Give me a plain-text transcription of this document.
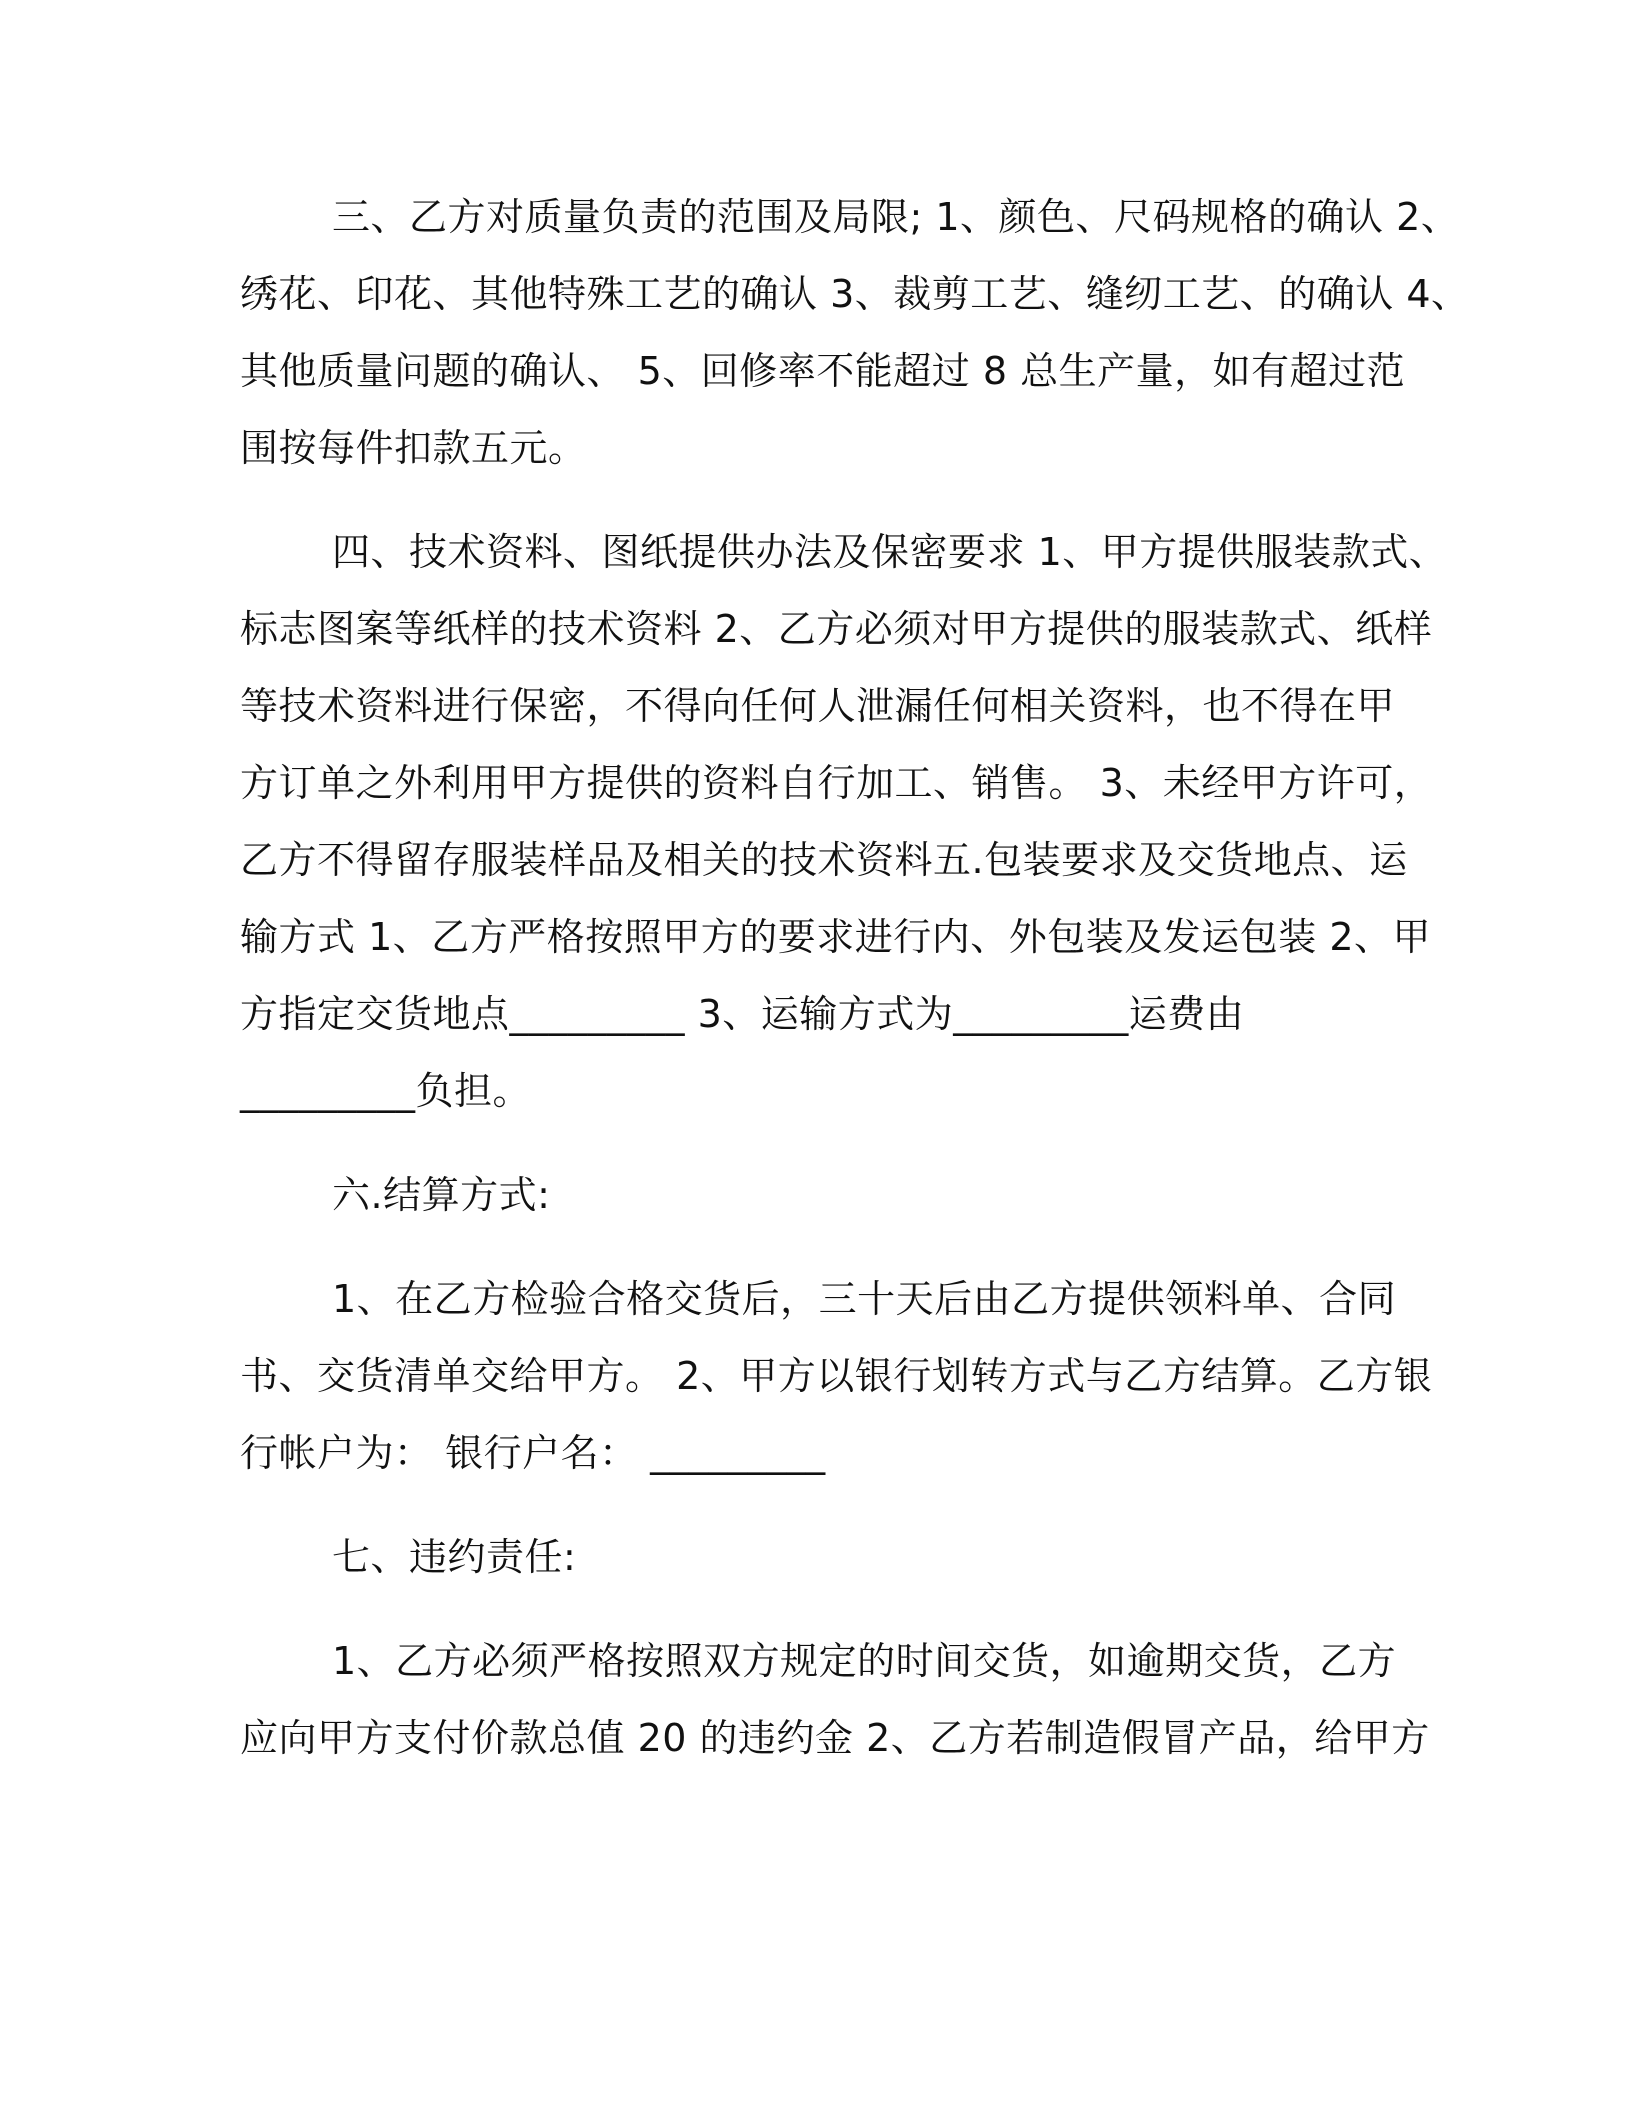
三、乙方对质量负责的范围及局限; 1、颜色、尺码规格的确认 2、

绣花、印花、其他特殊工艺的确认 3、裁剪工艺、缝纫工艺、的确认 4、

其他质量问题的确认、 5、回修率不能超过 8 总生产量，如有超过范

围按每件扣款五元。

四、技术资料、图纸提供办法及保密要求 1、甲方提供服装款式、

标志图案等纸样的技术资料 2、乙方必须对甲方提供的服装款式、纸样

等技术资料进行保密，不得向任何人泄漏任何相关资料，也不得在甲

方订单之外利用甲方提供的资料自行加工、销售。 3、未经甲方许可，

乙方不得留存服装样品及相关的技术资料五.包装要求及交货地点、运

输方式 1、乙方严格按照甲方的要求进行内、外包装及发运包装 2、甲

方指定交货地点_________ 3、运输方式为_________运费由

_________负担。

六.结算方式:

1、在乙方检验合格交货后，三十天后由乙方提供领料单、合同

书、交货清单交给甲方。 2、甲方以银行划转方式与乙方结算。乙方银

行帐户为： 银行户名： _________

七、违约责任:

1、乙方必须严格按照双方规定的时间交货，如逾期交货，乙方

应向甲方支付价款总值 20 的违约金 2、乙方若制造假冒产品，给甲方
